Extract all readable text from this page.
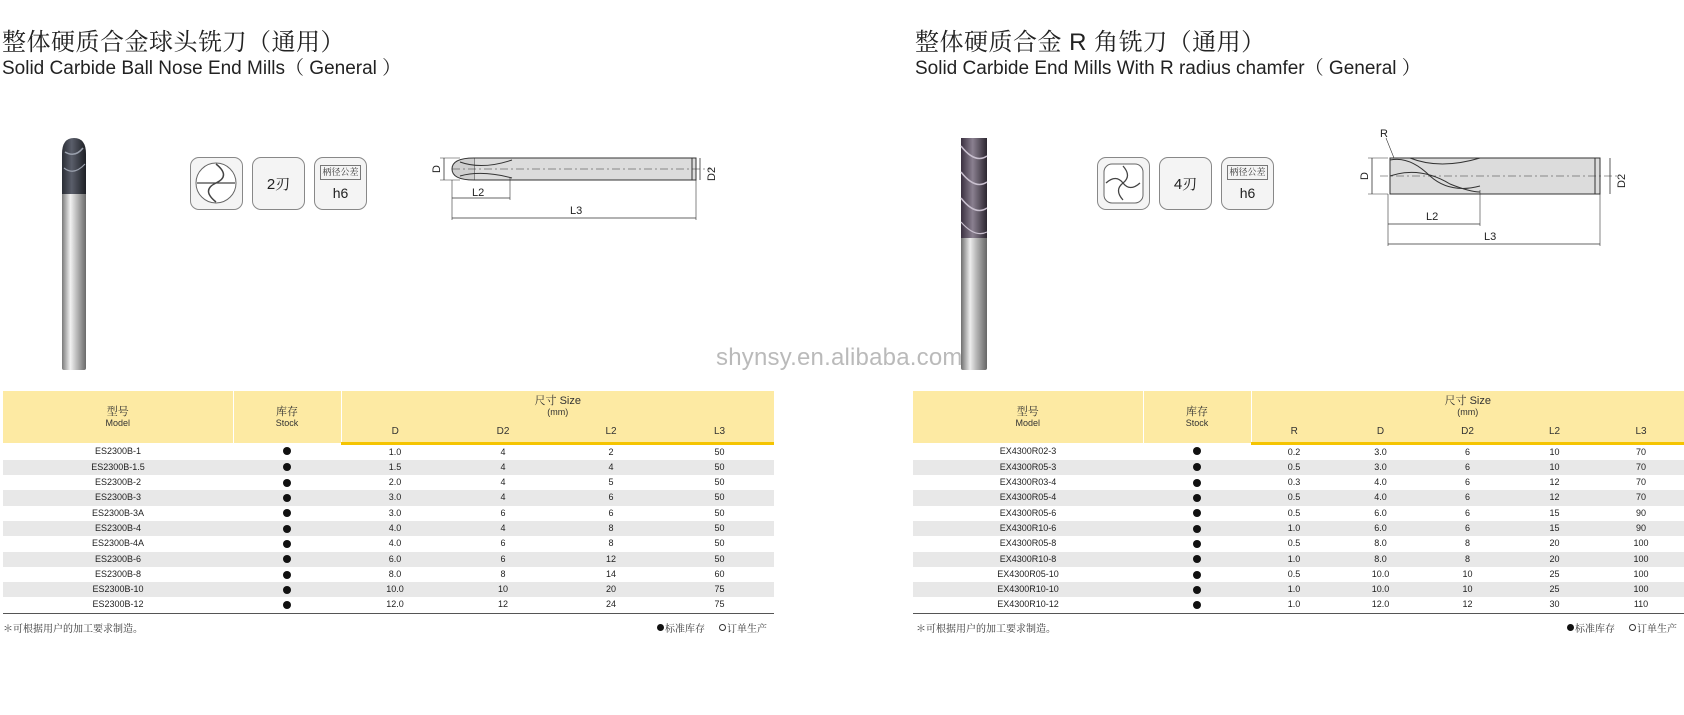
整体硬质合金球头铣刀（通用）
Solid Carbide Ball Nose End Mills（ General ）
2刃
柄径公差
h6
D	D2
L2
L3
型号
Model	库存
Stock	尺寸 Size
(mm)			

		D	D2	L2	L3
ES2300B-1		1.0	4	2	50
ES2300B-1.5		1.5	4	4	50
ES2300B-2		2.0	4	5	50
ES2300B-3		3.0	4	6	50
ES2300B-3A		3.0	6	6	50
ES2300B-4		4.0	4	8	50
ES2300B-4A		4.0	6	8	50
ES2300B-6		6.0	6	12	50
ES2300B-8		8.0	8	14	60
ES2300B-10		10.0	10	20	75
ES2300B-12		12.0	12	24	75
＊可根据用户的加工要求制造。	标准库存 订单生产
整体硬质合金 R 角铣刀（通用）
Solid Carbide End Mills With R radius chamfer（ General ）
4刃
柄径公差
h6
R
D	D2
L2
L3
型号
Model	库存
Stock	尺寸 Size
(mm)				

		R	D	D2	L2	L3
EX4300R02-3		0.2	3.0	6	10	70
EX4300R05-3		0.5	3.0	6	10	70
EX4300R03-4		0.3	4.0	6	12	70
EX4300R05-4		0.5	4.0	6	12	70
EX4300R05-6		0.5	6.0	6	15	90
EX4300R10-6		1.0	6.0	6	15	90
EX4300R05-8		0.5	8.0	8	20	100
EX4300R10-8		1.0	8.0	8	20	100
EX4300R05-10		0.5	10.0	10	25	100
EX4300R10-10		1.0	10.0	10	25	100
EX4300R10-12		1.0	12.0	12	30	110
＊可根据用户的加工要求制造。	标准库存 订单生产
shynsy.en.alibaba.com
